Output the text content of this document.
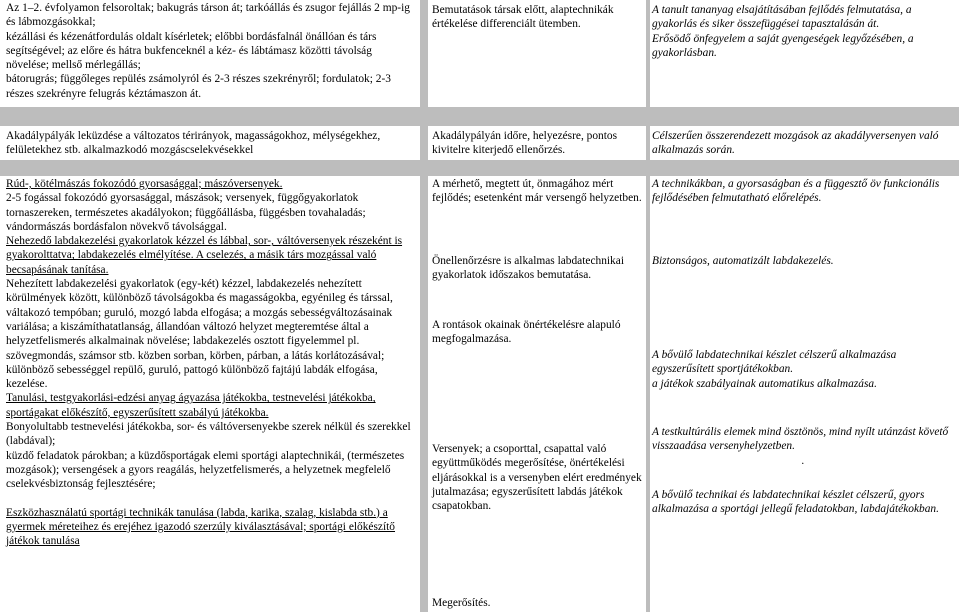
Az 1–2. évfolyamon felsoroltak; bakugrás társon át; tarkóállás és zsugor fejállás 2 mp-ig és lábmozgásokkal;

kézállási és kézenátfordulás oldalt kísérletek; előbbi bordásfalnál önállóan és társ segítségével; az előre és hátra bukfenceknél a kéz- és lábtámasz közötti távolság növelése; mellső mérlegállás;

bátorugrás; függőleges repülés zsámolyról és 2-3 részes szekrényről; fordulatok; 2-3 részes szekrényre felugrás kéztámaszon át.

Bemutatások társak előtt, alaptechnikák értékelése differenciált ütemben.

A tanult tananyag elsajátításában fejlődés felmutatása, a gyakorlás és siker összefüggései tapasztalásán át.

Erősödő önfegyelem a saját gyengeségek legyőzésében, a gyakorlásban.

Akadálypályák leküzdése a változatos térirányok, magasságokhoz, mélységekhez, felületekhez stb. alkalmazkodó mozgáscselekvésekkel

Akadálypályán időre, helyezésre, pontos kivitelre kiterjedő ellenőrzés.

Célszerűen összerendezett mozgások az akadályversenyen való alkalmazás során.

Rúd-, kötélmászás fokozódó gyorsasággal; mászóversenyek.

2-5 fogással fokozódó gyorsasággal, mászások; versenyek, függőgyakorlatok tornaszereken, természetes akadályokon; függőállásba, függésben tovahaladás; vándormászás bordásfalon növekvő távolsággal.

Nehezedő labdakezelési gyakorlatok kézzel és lábbal, sor-, váltóversenyek részeként is gyakorolttatva; labdakezelés elmélyítése. A cselezés, a másik társ mozgással való becsapásának tanítása.

Nehezített labdakezelési gyakorlatok (egy-két) kézzel, labdakezelés nehezített körülmények között, különböző távolságokba és magasságokba, egyénileg és társsal, váltakozó tempóban; guruló, mozgó labda elfogása; a mozgás sebességváltozásainak variálása; a kiszámíthatatlanság, állandóan változó helyzet megteremtése által a helyzetfelismerés alkalmainak növelése; labdakezelés osztott figyelemmel pl. szövegmondás, számsor stb. közben sorban, körben, párban, a látás korlátozásával; különböző sebességgel repülő, guruló, pattogó különböző fajtájú labdák elfogása, kezelése.

Tanulási, testgyakorlási-edzési anyag ágyazása játékokba, testnevelési játékokba, sportágakat előkészítő, egyszerűsített szabályú játékokba.

Bonyolultabb testnevelési játékokba, sor- és váltóversenyekbe szerek nélkül és szerekkel (labdával);

küzdő feladatok párokban; a küzdősportágak elemi sportági alaptechnikái, (természetes mozgások); versengések a gyors reagálás, helyzetfelismerés, a helyzetnek megfelelő cselekvésbiztonság fejlesztésére;

Eszközhasználatú sportági technikák tanulása (labda, karika, szalag, kislabda stb.) a gyermek méreteihez és erejéhez igazodó szerzúly kiválasztásával; sportági előkészítő játékok tanulása

A mérhető, megtett út, önmagához mért fejlődés; esetenként már versengő helyzetben.

Önellenőrzésre is alkalmas labdatechnikai gyakorlatok időszakos bemutatása.

A rontások okainak önértékelésre alapuló megfogalmazása.

Versenyek; a csoporttal, csapattal való együttműködés megerősítése, önértékelési eljárásokkal is a versenyben elért eredmények jutalmazása; egyszerűsített labdás játékok csapatokban.

Megerősítés.

A technikákban, a gyorsaságban és a függesztő öv funkcionális fejlődésében felmutatható előrelépés.

Biztonságos, automatizált labdakezelés.

A bővülő labdatechnikai készlet célszerű alkalmazása egyszerűsített sportjátékokban.

a játékok szabályainak automatikus alkalmazása.

A testkultúrális elemek mind ösztönös, mind nyílt utánzást követő visszaadása versenyhelyzetben.

.

A bővülő technikai és labdatechnikai készlet célszerű, gyors alkalmazása a sportági jellegű feladatokban, labdajátékokban.
